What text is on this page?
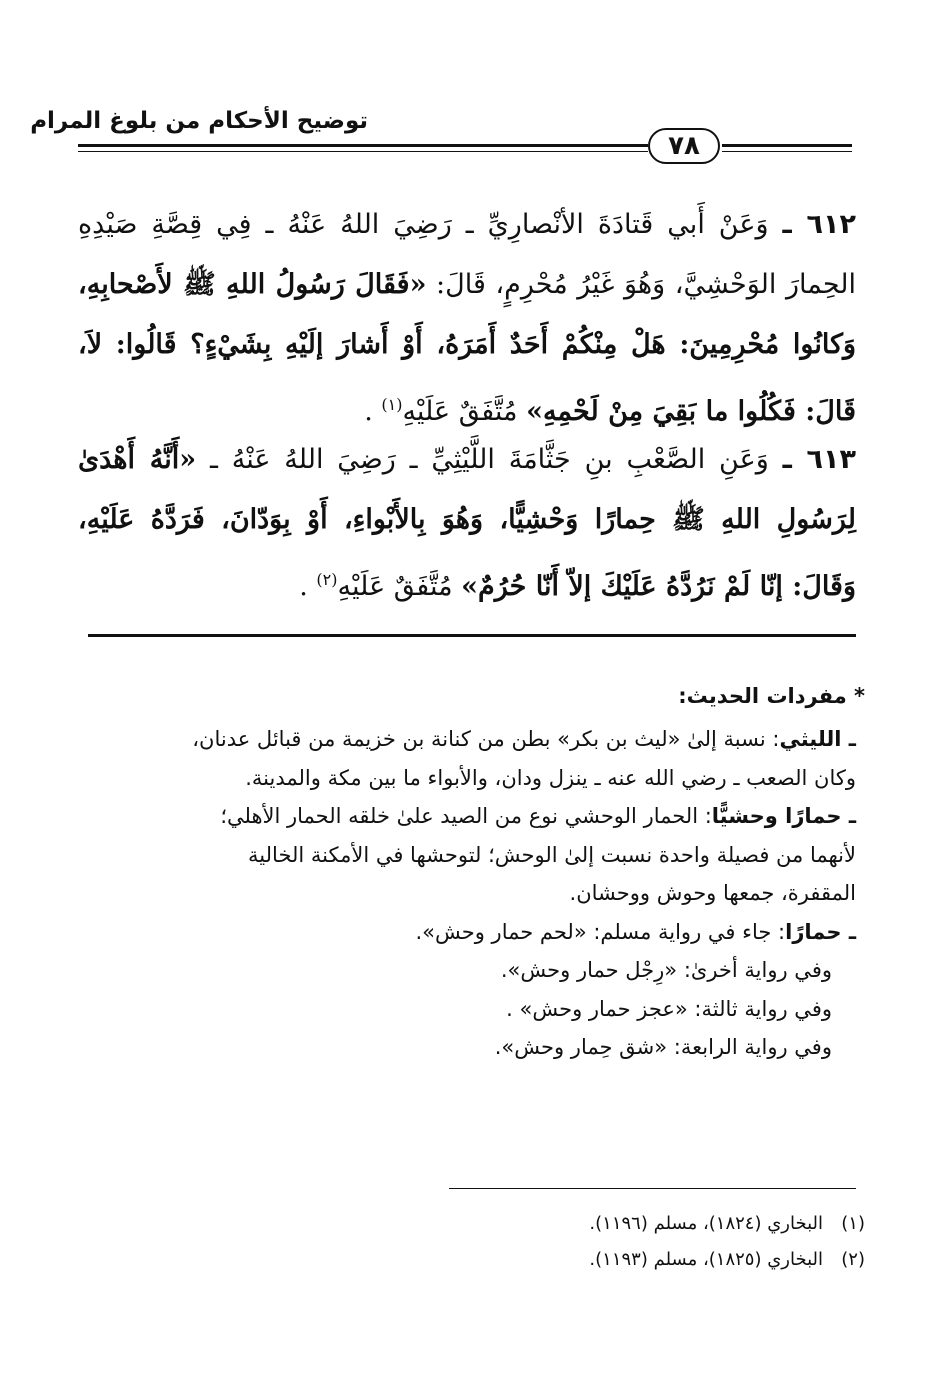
توضيح الأحكام من بلوغ المرام
٧٨
٦١٢ ـ وَعَنْ أَبي قَتادَةَ الأنْصارِيِّ ـ رَضِيَ اللهُ عَنْهُ ـ فِي قِصَّةِ صَيْدِهِ الحِمارَ الوَحْشِيَّ، وَهُوَ غَيْرُ مُحْرِمٍ، قَالَ: «فَقَالَ رَسُولُ اللهِ ﷺ لأَصْحابِهِ، وَكانُوا مُحْرِمِينَ: هَلْ مِنْكُمْ أَحَدٌ أَمَرَهُ، أَوْ أَشارَ إلَيْهِ بِشَيْءٍ؟ قَالُوا: لاَ، قَالَ: فَكُلُوا ما بَقِيَ مِنْ لَحْمِهِ» مُتَّفَقٌ عَلَيْهِ$^{(١)}$ .
٦١٣ ـ وَعَنِ الصَّعْبِ بنِ جَثَّامَةَ اللَّيْثِيِّ ـ رَضِيَ اللهُ عَنْهُ ـ «أَنَّهُ أَهْدَىٰ لِرَسُولِ اللهِ ﷺ حِمارًا وَحْشِيًّا، وَهُوَ بِالأَبْواءِ، أَوْ بِوَدّانَ، فَرَدَّهُ عَلَيْهِ، وَقَالَ: إنّا لَمْ نَرُدَّهُ عَلَيْكَ إلاّ أَنّا حُرُمٌ» مُتَّفَقٌ عَلَيْهِ$^{(٢)}$ .
* مفردات الحديث:

ـ الليثي: نسبة إلىٰ «ليث بن بكر» بطن من كنانة بن خزيمة من قبائل عدنان،

وكان الصعب ـ رضي الله عنه ـ ينزل ودان، والأبواء ما بين مكة والمدينة.

ـ حمارًا وحشيًّا: الحمار الوحشي نوع من الصيد علىٰ خلقه الحمار الأهلي؛

لأنهما من فصيلة واحدة نسبت إلىٰ الوحش؛ لتوحشها في الأمكنة الخالية

المقفرة، جمعها وحوش ووحشان.

ـ حمارًا: جاء في رواية مسلم: «لحم حمار وحش».

وفي رواية أخرىٰ: «رِجْل حمار وحش».

وفي رواية ثالثة: «عجز حمار وحش» .

وفي رواية الرابعة: «شق حِمار وحش».

(١)البخاري (١٨٢٤)، مسلم (١١٩٦).

(٢)البخاري (١٨٢٥)، مسلم (١١٩٣).
